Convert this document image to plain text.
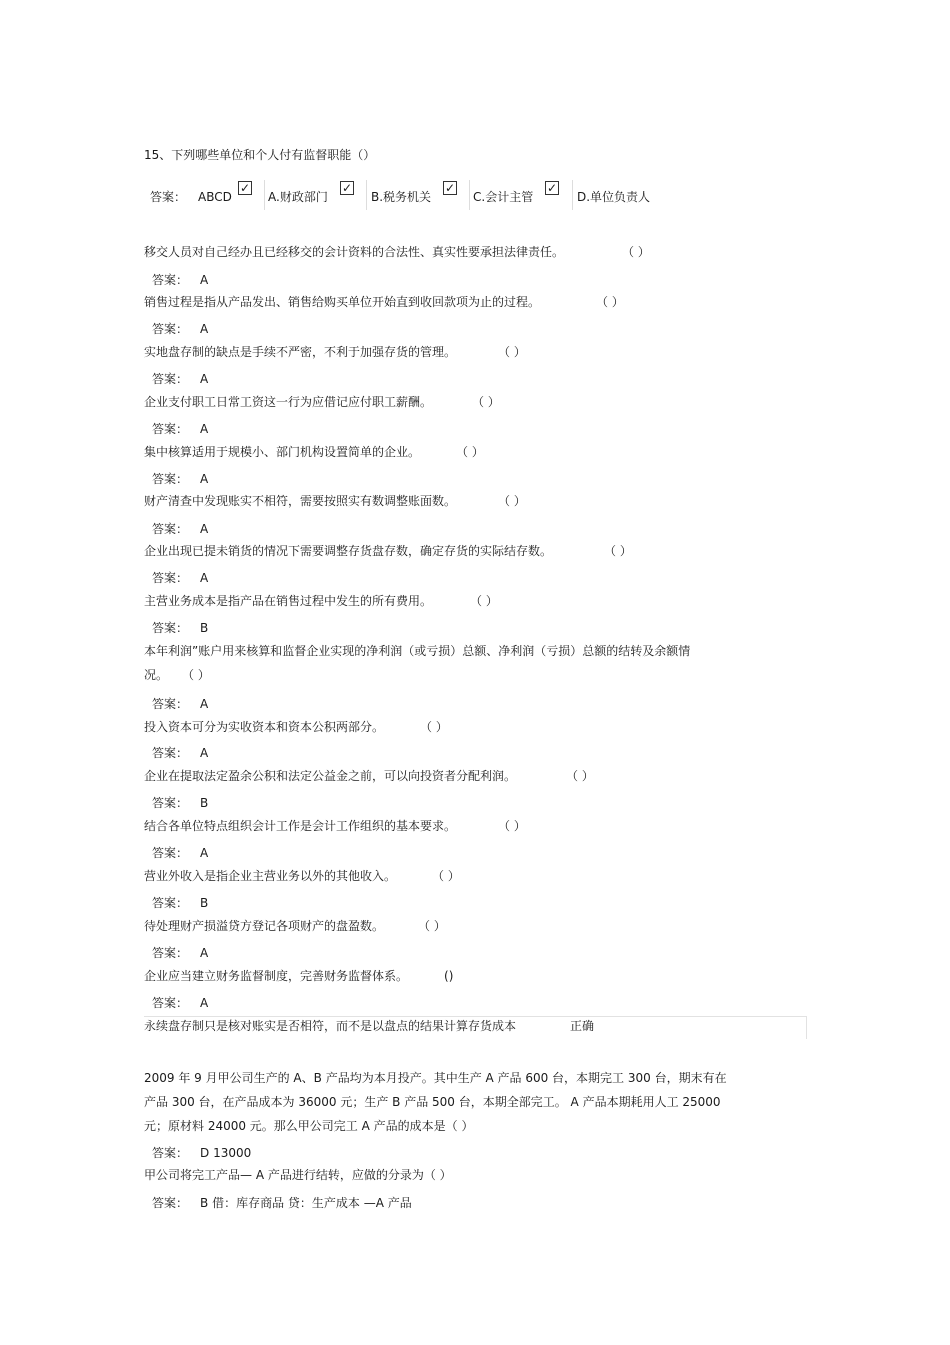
15、下列哪些单位和个人付有监督职能（）
答案： ABCD
✓
A.财政部门
✓
B.税务机关
✓
C.会计主管
✓
D.单位负责人
移交人员对自己经办且已经移交的会计资料的合法性、真实性要承担法律责任。	（ ）
答案： A
销售过程是指从产品发出、销售给购买单位开始直到收回款项为止的过程。	（ ）
答案： A
实地盘存制的缺点是手续不严密，不利于加强存货的管理。	（ ）
答案： A
企业支付职工日常工资这一行为应借记应付职工薪酬。	（ ）
答案： A
集中核算适用于规模小、部门机构设置简单的企业。	（ ）
答案： A
财产清查中发现账实不相符，需要按照实有数调整账面数。	（ ）
答案： A
企业出现已提未销货的情况下需要调整存货盘存数，确定存货的实际结存数。	（ ）
答案： A
主营业务成本是指产品在销售过程中发生的所有费用。	（ ）
答案： B
本年利润”账户用来核算和监督企业实现的净利润（或亏损）总额、净利润（亏损）总额的结转及余额情
况。 （ ）
答案： A
投入资本可分为实收资本和资本公积两部分。	（ ）
答案： A
企业在提取法定盈余公积和法定公益金之前，可以向投资者分配利润。	（ ）
答案： B
结合各单位特点组织会计工作是会计工作组织的基本要求。	（ ）
答案： A
营业外收入是指企业主营业务以外的其他收入。	（ ）
答案： B
待处理财产损溢贷方登记各项财产的盘盈数。	（ ）
答案： A
企业应当建立财务监督制度，完善财务监督体系。	()
答案： A
永续盘存制只是核对账实是否相符，而不是以盘点的结果计算存货成本	正确
2009 年 9 月甲公司生产的 A、B 产品均为本月投产。其中生产 A 产品 600 台，本期完工 300 台，期末有在
产品 300 台，在产品成本为 36000 元；生产 B 产品 500 台，本期全部完工。 A 产品本期耗用人工 25000
元；原材料 24000 元。那么甲公司完工 A 产品的成本是（ ）
答案： D 13000
甲公司将完工产品— A 产品进行结转，应做的分录为（ ）
答案： B 借：库存商品 贷：生产成本 —A 产品
